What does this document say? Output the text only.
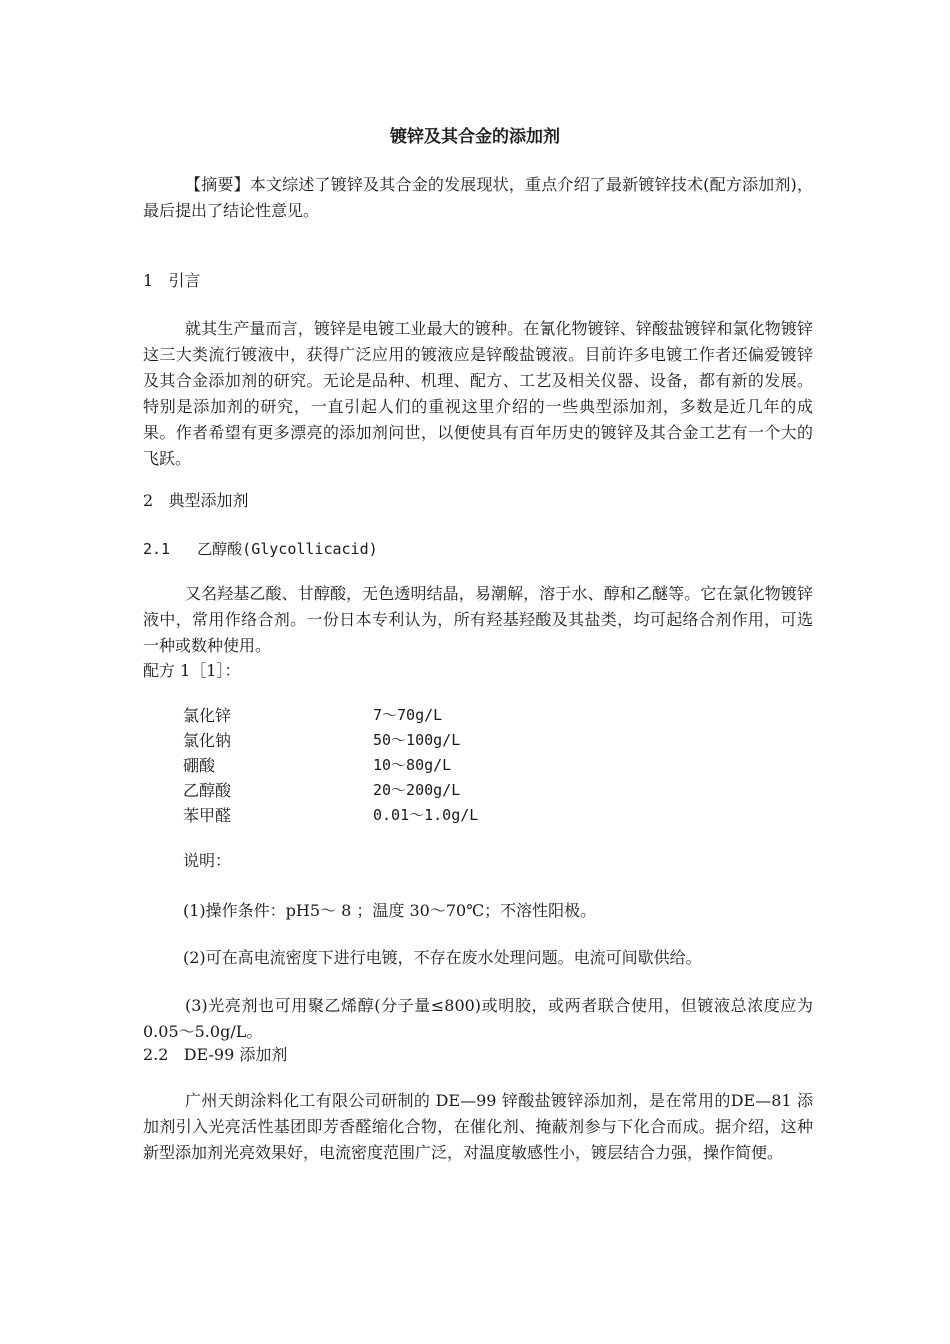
镀锌及其合金的添加剂
【摘要】本文综述了镀锌及其合金的发展现状，重点介绍了最新镀锌技术(配方添加剂)，最后提出了结论性意见。
1   引言
就其生产量而言，镀锌是电镀工业最大的镀种。在氰化物镀锌、锌酸盐镀锌和氯化物镀锌这三大类流行镀液中，获得广泛应用的镀液应是锌酸盐镀液。目前许多电镀工作者还偏爱镀锌及其合金添加剂的研究。无论是品种、机理、配方、工艺及相关仪器、设备，都有新的发展。特别是添加剂的研究，一直引起人们的重视这里介绍的一些典型添加剂，多数是近几年的成果。作者希望有更多漂亮的添加剂问世，以便使具有百年历史的镀锌及其合金工艺有一个大的飞跃。
2   典型添加剂
2.1   乙醇酸(Glycollicacid)
又名羟基乙酸、甘醇酸，无色透明结晶，易潮解，溶于水、醇和乙醚等。它在氯化物镀锌液中，常用作络合剂。一份日本专利认为，所有羟基羟酸及其盐类，均可起络合剂作用，可选一种或数种使用。
配方 1［1］：
氯化锌	7～70g/L
氯化钠	50～100g/L
硼酸	10～80g/L
乙醇酸	20～200g/L
苯甲醛	0.01～1.0g/L
说明：
(1)操作条件：pH5～ 8 ；温度 30～70℃；不溶性阳极。
(2)可在高电流密度下进行电镀，不存在废水处理问题。电流可间歇供给。
(3)光亮剂也可用聚乙烯醇(分子量≤800)或明胶，或两者联合使用，但镀液总浓度应为 0.05～5.0g/L。
2.2   DE-99 添加剂
广州天朗涂料化工有限公司研制的 DE—99 锌酸盐镀锌添加剂，是在常用的DE—81 添加剂引入光亮活性基团即芳香醛缩化合物，在催化剂、掩蔽剂参与下化合而成。据介绍，这种新型添加剂光亮效果好，电流密度范围广泛，对温度敏感性小，镀层结合力强，操作简便。
